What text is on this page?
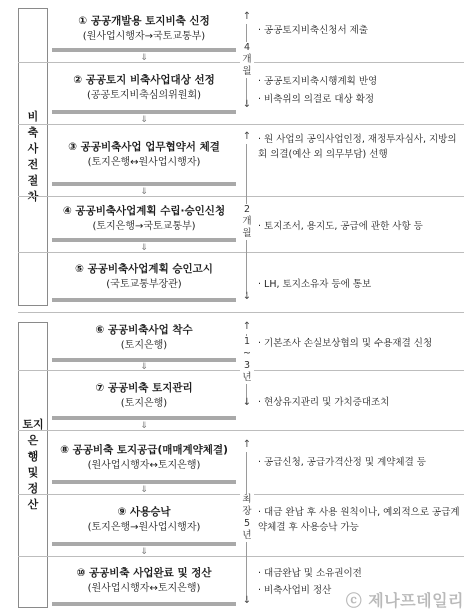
비
축
사
전
절
차
토지은
행
및
정
산
① 공공개발용 토지비축 신정
(원사업시행자→국토교통부)
⇓
② 공공토지 비축사업대상 선정
(공공토지비축심의위원회)
⇓
③ 공공비축사업 업무협약서 체결
(토지은행↔원사업시행자)
⇓
④ 공공비축사업계획 수립·승인신청
(토지은행→국토교통부)
⇓
⑤ 공공비축사업계획 승인고시
(국토교통부장관)
⑥ 공공비축사업 착수
(토지은행)
⇓
⑦ 공공비축 토지관리
(토지은행)
⇓
⑧ 공공비축 토지공급(매매계약체결)
(원사업시행자↔토지은행)
⇓
⑨ 사용승낙
(토지은행→원사업시행자)
⇓
⑩ 공공비축 사업완료 및 정산
(원사업시행자↔토지은행)
↑
4
개
월
↓
↑
2
개
월
↓
↑
1
~
3
년
↓
↑
최
장
5
년
↓
· 공공토지비축신청서 제출
· 공공토지비축시행계획 반영
· 비축위의 의결로 대상 확정
· 원 사업의 공익사업인정, 재정투자심사, 지방의회 의결(예산 외 의무부담) 선행
· 토지조서, 용지도, 공급에 관한 사항 등
· LH, 토지소유자 등에 통보
· 기본조사 손실보상협의 및 수용재결 신청
· 현상유지관리 및 가치증대조치
· 공급신청, 공급가격산정 및 계약체결 등
· 대금 완납 후 사용 원칙이나, 예외적으로 공급계약체결 후 사용승낙 가능
· 대금완납 및 소유권이전
· 비축사업비 정산
ⓒ 제나프데일리
